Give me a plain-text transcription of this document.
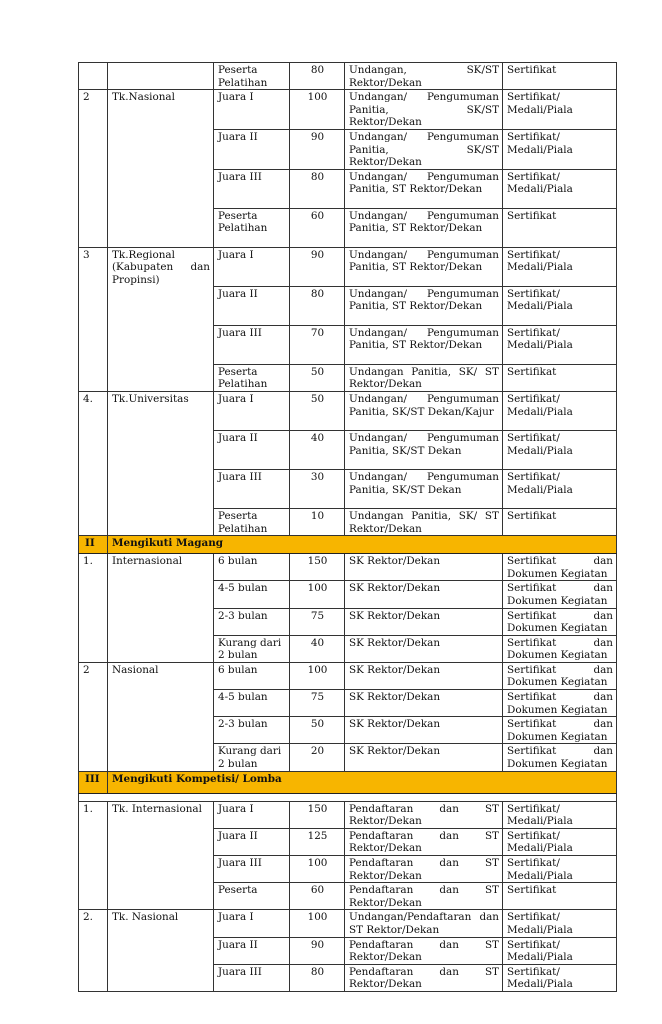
		Peserta Pelatihan	80	Undangan, SK/ST Rektor/Dekan	Sertifikat
2	Tk.Nasional	Juara I	100	Undangan/ Pengumuman Panitia, SK/ST Rektor/Dekan	Sertifikat/ Medali/Piala
		Juara II	90	Undangan/ Pengumuman Panitia, SK/ST Rektor/Dekan	Sertifikat/ Medali/Piala
		Juara III	80	Undangan/ Pengumuman Panitia, ST Rektor/Dekan	Sertifikat/ Medali/Piala
		Peserta Pelatihan	60	Undangan/ Pengumuman Panitia, ST Rektor/Dekan	Sertifikat
3	Tk.Regional (Kabupaten dan Propinsi)	Juara I	90	Undangan/ Pengumuman Panitia, ST Rektor/Dekan	Sertifikat/ Medali/Piala
		Juara II	80	Undangan/ Pengumuman Panitia, ST Rektor/Dekan	Sertifikat/ Medali/Piala
		Juara III	70	Undangan/ Pengumuman Panitia, ST Rektor/Dekan	Sertifikat/ Medali/Piala
		Peserta Pelatihan	50	Undangan Panitia, SK/ ST Rektor/Dekan	Sertifikat
4.	Tk.Universitas	Juara I	50	Undangan/ Pengumuman Panitia, SK/ST Dekan/Kajur	Sertifikat/ Medali/Piala
		Juara II	40	Undangan/ Pengumuman Panitia, SK/ST Dekan	Sertifikat/ Medali/Piala
		Juara III	30	Undangan/ Pengumuman Panitia, SK/ST Dekan	Sertifikat/ Medali/Piala
		Peserta Pelatihan	10	Undangan Panitia, SK/ ST Rektor/Dekan	Sertifikat
II	Mengikuti Magang				
1.	Internasional	6 bulan	150	SK Rektor/Dekan	Sertifikat dan Dokumen Kegiatan
		4-5 bulan	100	SK Rektor/Dekan	Sertifikat dan Dokumen Kegiatan
		2-3 bulan	75	SK Rektor/Dekan	Sertifikat dan Dokumen Kegiatan
		Kurang dari 2 bulan	40	SK Rektor/Dekan	Sertifikat dan Dokumen Kegiatan
2	Nasional	6 bulan	100	SK Rektor/Dekan	Sertifikat dan Dokumen Kegiatan
		4-5 bulan	75	SK Rektor/Dekan	Sertifikat dan Dokumen Kegiatan
		2-3 bulan	50	SK Rektor/Dekan	Sertifikat dan Dokumen Kegiatan
		Kurang dari 2 bulan	20	SK Rektor/Dekan	Sertifikat dan Dokumen Kegiatan
III	Mengikuti Kompetisi/ Lomba				

1.	Tk. Internasional	Juara I	150	Pendaftaran dan ST Rektor/Dekan	Sertifikat/ Medali/Piala
		Juara II	125	Pendaftaran dan ST Rektor/Dekan	Sertifikat/ Medali/Piala
		Juara III	100	Pendaftaran dan ST Rektor/Dekan	Sertifikat/ Medali/Piala
		Peserta	60	Pendaftaran dan ST Rektor/Dekan	Sertifikat
2.	Tk. Nasional	Juara I	100	Undangan/Pendaftaran dan ST Rektor/Dekan	Sertifikat/ Medali/Piala
		Juara II	90	Pendaftaran dan ST Rektor/Dekan	Sertifikat/ Medali/Piala
		Juara III	80	Pendaftaran dan ST Rektor/Dekan	Sertifikat/ Medali/Piala
